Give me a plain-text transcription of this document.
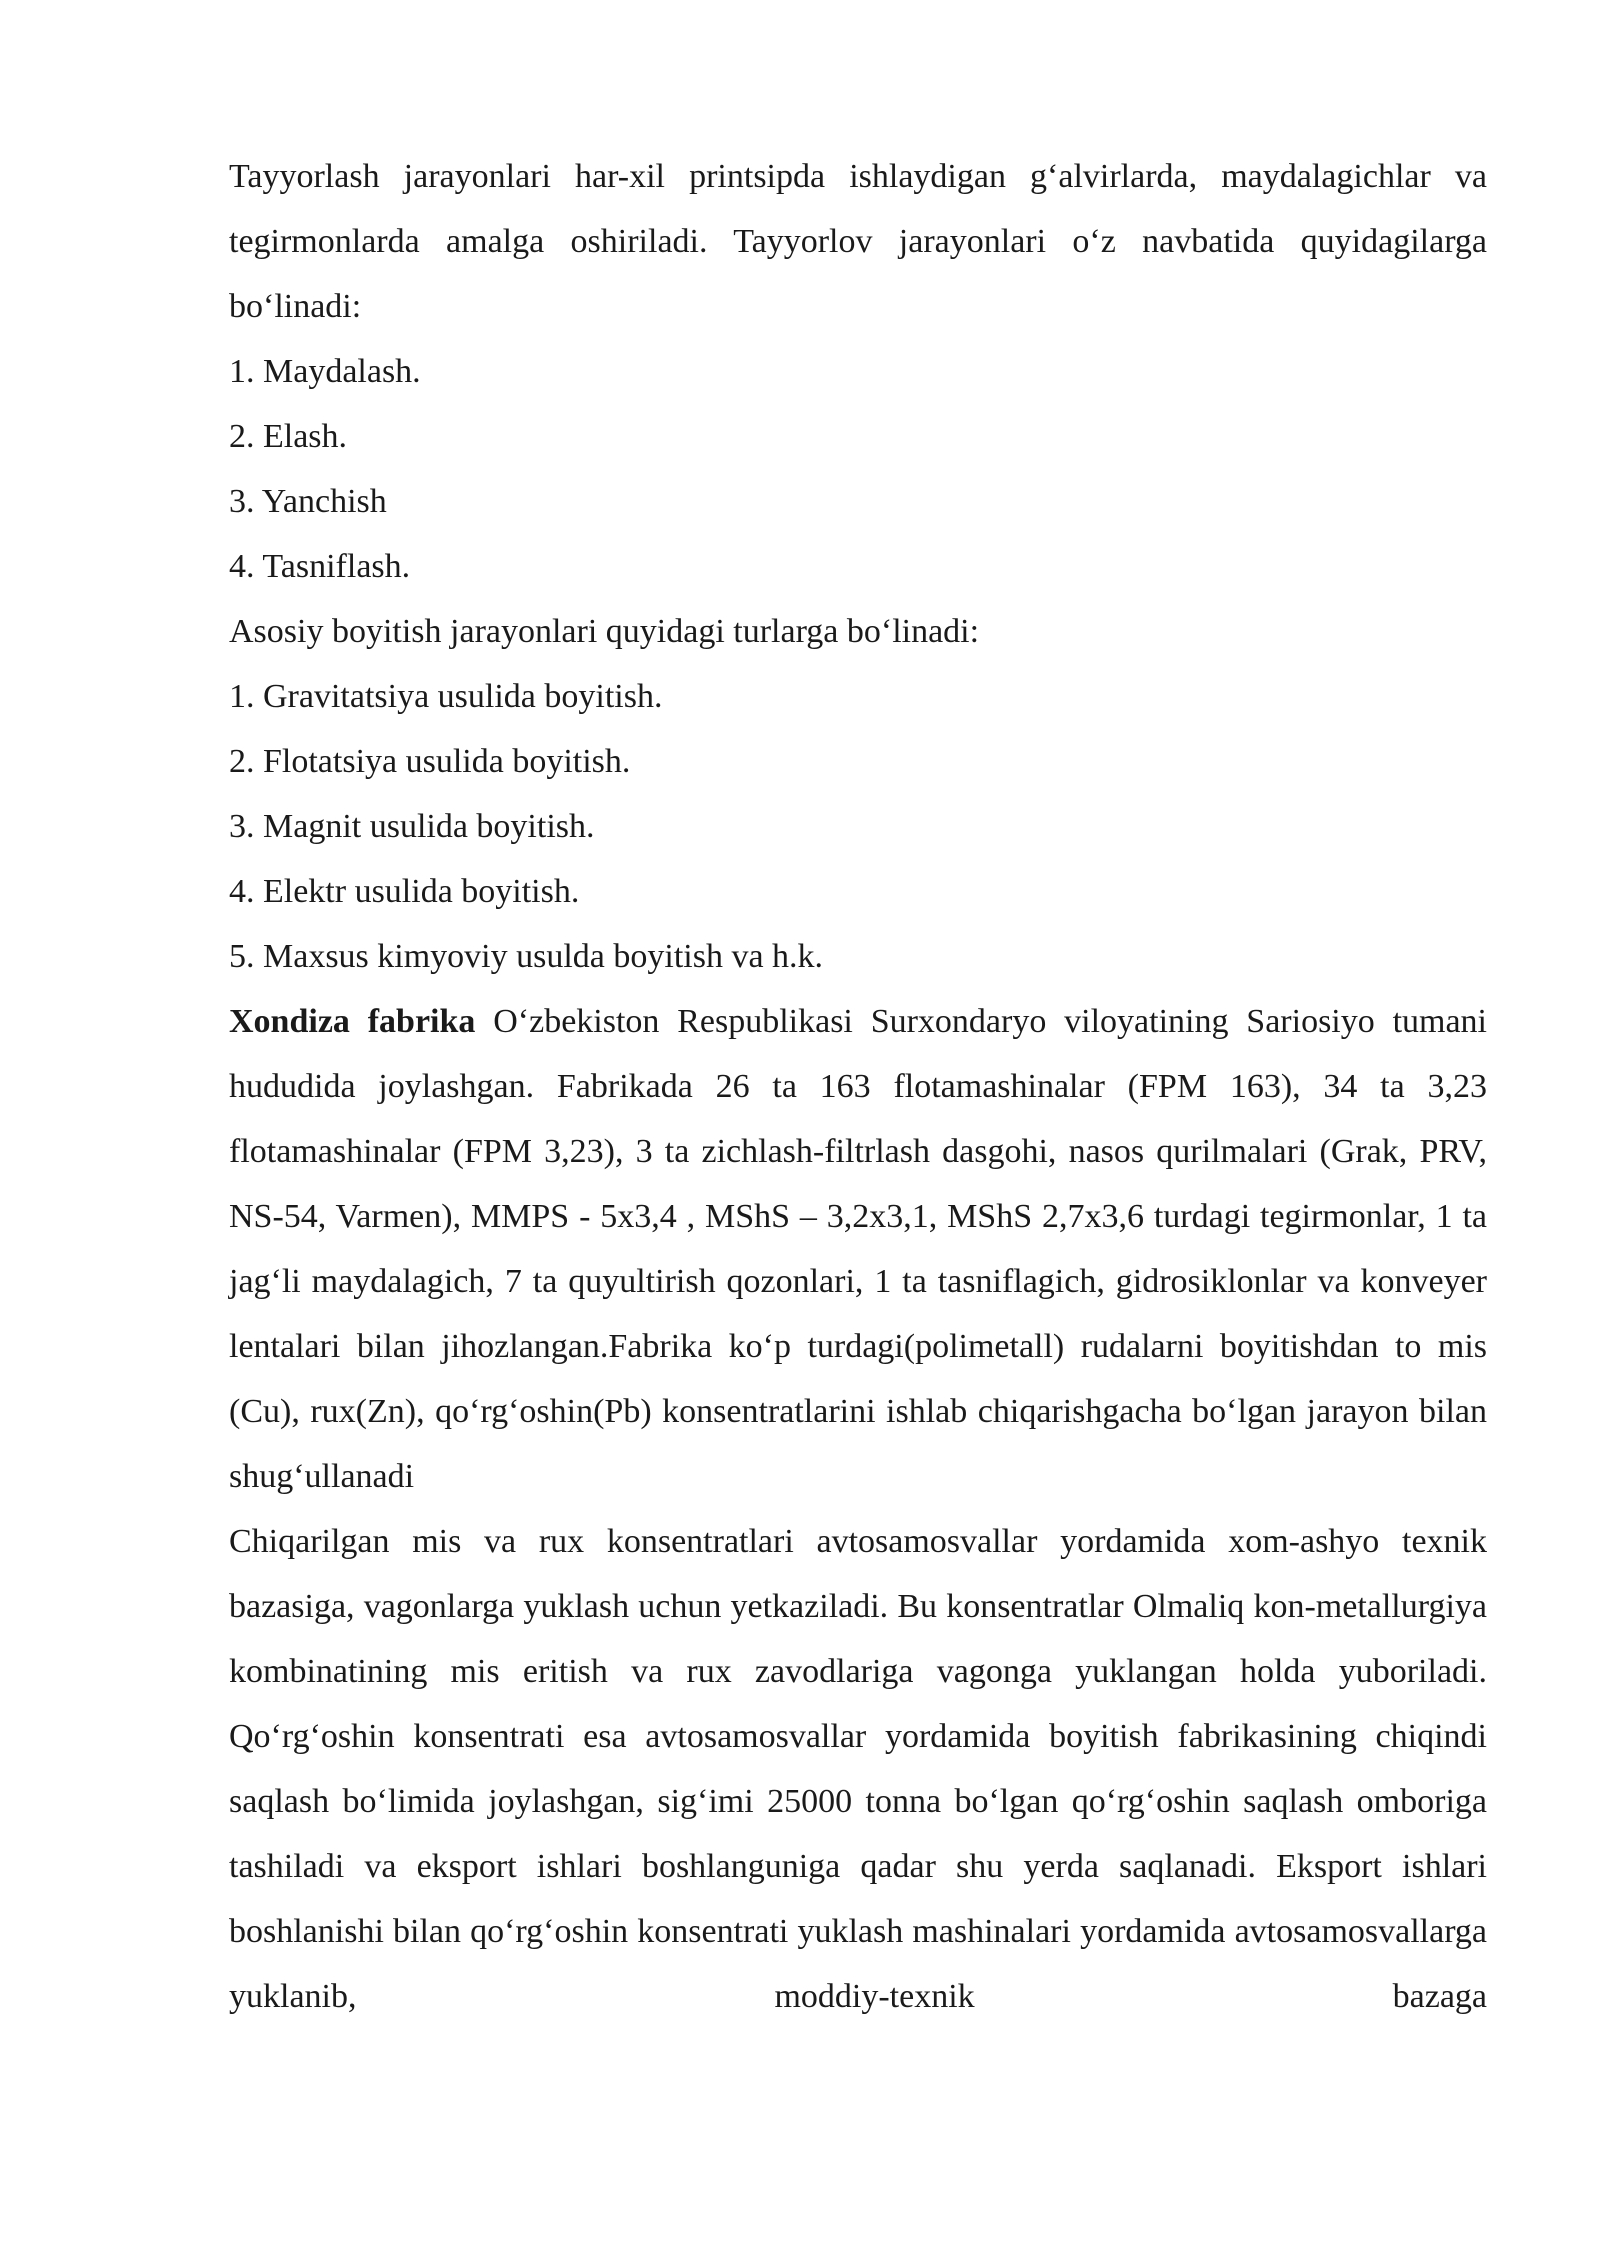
Tayyorlash jarayonlari har-xil printsipda ishlaydigan g‘alvirlarda, maydalagichlar va tegirmonlarda amalga oshiriladi. Tayyorlov jarayonlari o‘z navbatida quyidagilarga bo‘linadi:

1. Maydalash.

2. Elash.

3. Yanchish

4. Tasniflash.

Asosiy boyitish jarayonlari quyidagi turlarga bo‘linadi:

1. Gravitatsiya usulida boyitish.

2. Flotatsiya usulida boyitish.

3. Magnit usulida boyitish.

4. Elektr usulida boyitish.

5. Maxsus kimyoviy usulda boyitish va h.k.

Xondiza fabrika O‘zbekiston Respublikasi Surxondaryo viloyatining Sariosiyo tumani hududida joylashgan. Fabrikada 26 ta 163 flotamashinalar (FPM 163), 34 ta 3,23 flotamashinalar (FPM 3,23), 3 ta zichlash-filtrlash dasgohi, nasos qurilmalari (Grak, PRV, NS-54, Varmen), MMPS - 5x3,4 , MShS – 3,2x3,1, MShS 2,7x3,6 turdagi tegirmonlar, 1 ta jag‘li maydalagich, 7 ta quyultirish qozonlari, 1 ta tasniflagich, gidrosiklonlar va konveyer lentalari bilan jihozlangan.Fabrika ko‘p turdagi(polimetall) rudalarni boyitishdan to mis (Cu), rux(Zn), qo‘rg‘oshin(Pb) konsentratlarini ishlab chiqarishgacha bo‘lgan jarayon bilan shug‘ullanadi

Chiqarilgan mis va rux konsentratlari avtosamosvallar yordamida xom-ashyo texnik bazasiga, vagonlarga yuklash uchun yetkaziladi. Bu konsentratlar Olmaliq kon-metallurgiya kombinatining mis eritish va rux zavodlariga vagonga yuklangan holda yuboriladi. Qo‘rg‘oshin konsentrati esa avtosamosvallar yordamida boyitish fabrikasining chiqindi saqlash bo‘limida joylashgan, sig‘imi 25000 tonna bo‘lgan qo‘rg‘oshin saqlash omboriga tashiladi va eksport ishlari boshlanguniga qadar shu yerda saqlanadi. Eksport ishlari boshlanishi bilan qo‘rg‘oshin konsentrati yuklash mashinalari yordamida avtosamosvallarga yuklanib, moddiy-texnik bazaga
